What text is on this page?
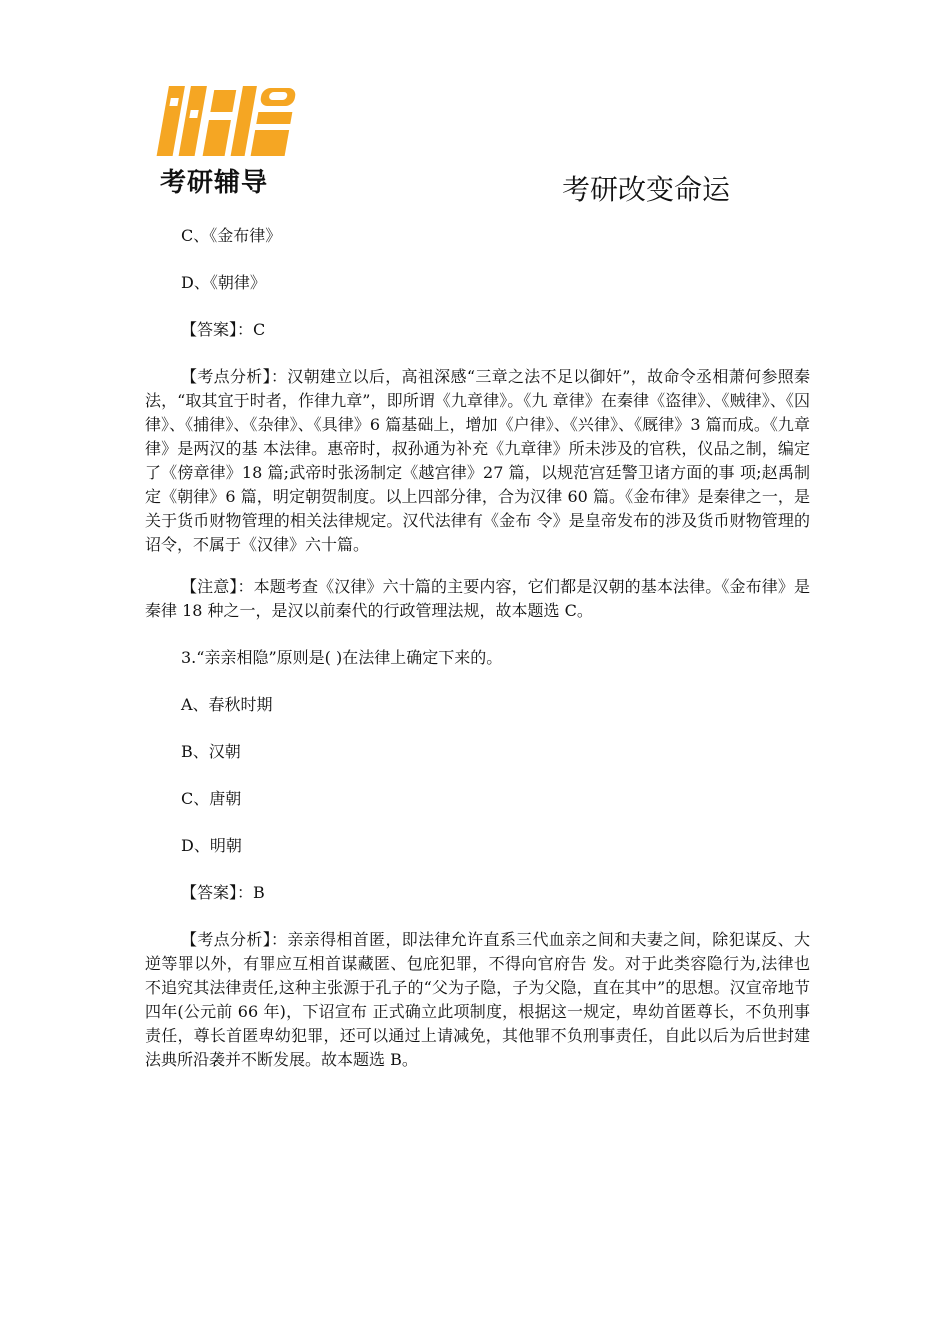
考研辅导	考研改变命运

C、《金布律》

D、《朝律》

【答案】：C

【考点分析】：汉朝建立以后，高祖深感“三章之法不足以御奸”，故命令丞相萧何参照秦法，“取其宜于时者，作律九章”，即所谓《九章律》。《九 章律》在秦律《盗律》、《贼律》、《囚律》、《捕律》、《杂律》、《具律》6 篇基础上，增加《户律》、《兴律》、《厩律》3 篇而成。《九章律》是两汉的基 本法律。惠帝时，叔孙通为补充《九章律》所未涉及的官秩，仪品之制，编定了《傍章律》18 篇;武帝时张汤制定《越宫律》27 篇，以规范宫廷警卫诸方面的事 项;赵禹制定《朝律》6 篇，明定朝贺制度。以上四部分律，合为汉律 60 篇。《金布律》是秦律之一，是关于货币财物管理的相关法律规定。汉代法律有《金布 令》是皇帝发布的涉及货币财物管理的诏令，不属于《汉律》六十篇。

【注意】：本题考查《汉律》六十篇的主要内容，它们都是汉朝的基本法律。《金布律》是秦律 18 种之一，是汉以前秦代的行政管理法规，故本题选 C。

3.“亲亲相隐”原则是( )在法律上确定下来的。

A、春秋时期

B、汉朝

C、唐朝

D、明朝

【答案】：B

【考点分析】：亲亲得相首匿，即法律允许直系三代血亲之间和夫妻之间，除犯谋反、大逆等罪以外，有罪应互相首谋藏匿、包庇犯罪，不得向官府告 发。对于此类容隐行为,法律也不追究其法律责任,这种主张源于孔子的“父为子隐，子为父隐，直在其中”的思想。汉宣帝地节四年(公元前 66 年)，下诏宣布 正式确立此项制度，根据这一规定，卑幼首匿尊长，不负刑事责任，尊长首匿卑幼犯罪，还可以通过上请减免，其他罪不负刑事责任，自此以后为后世封建法典所沿袭并不断发展。故本题选 B。
